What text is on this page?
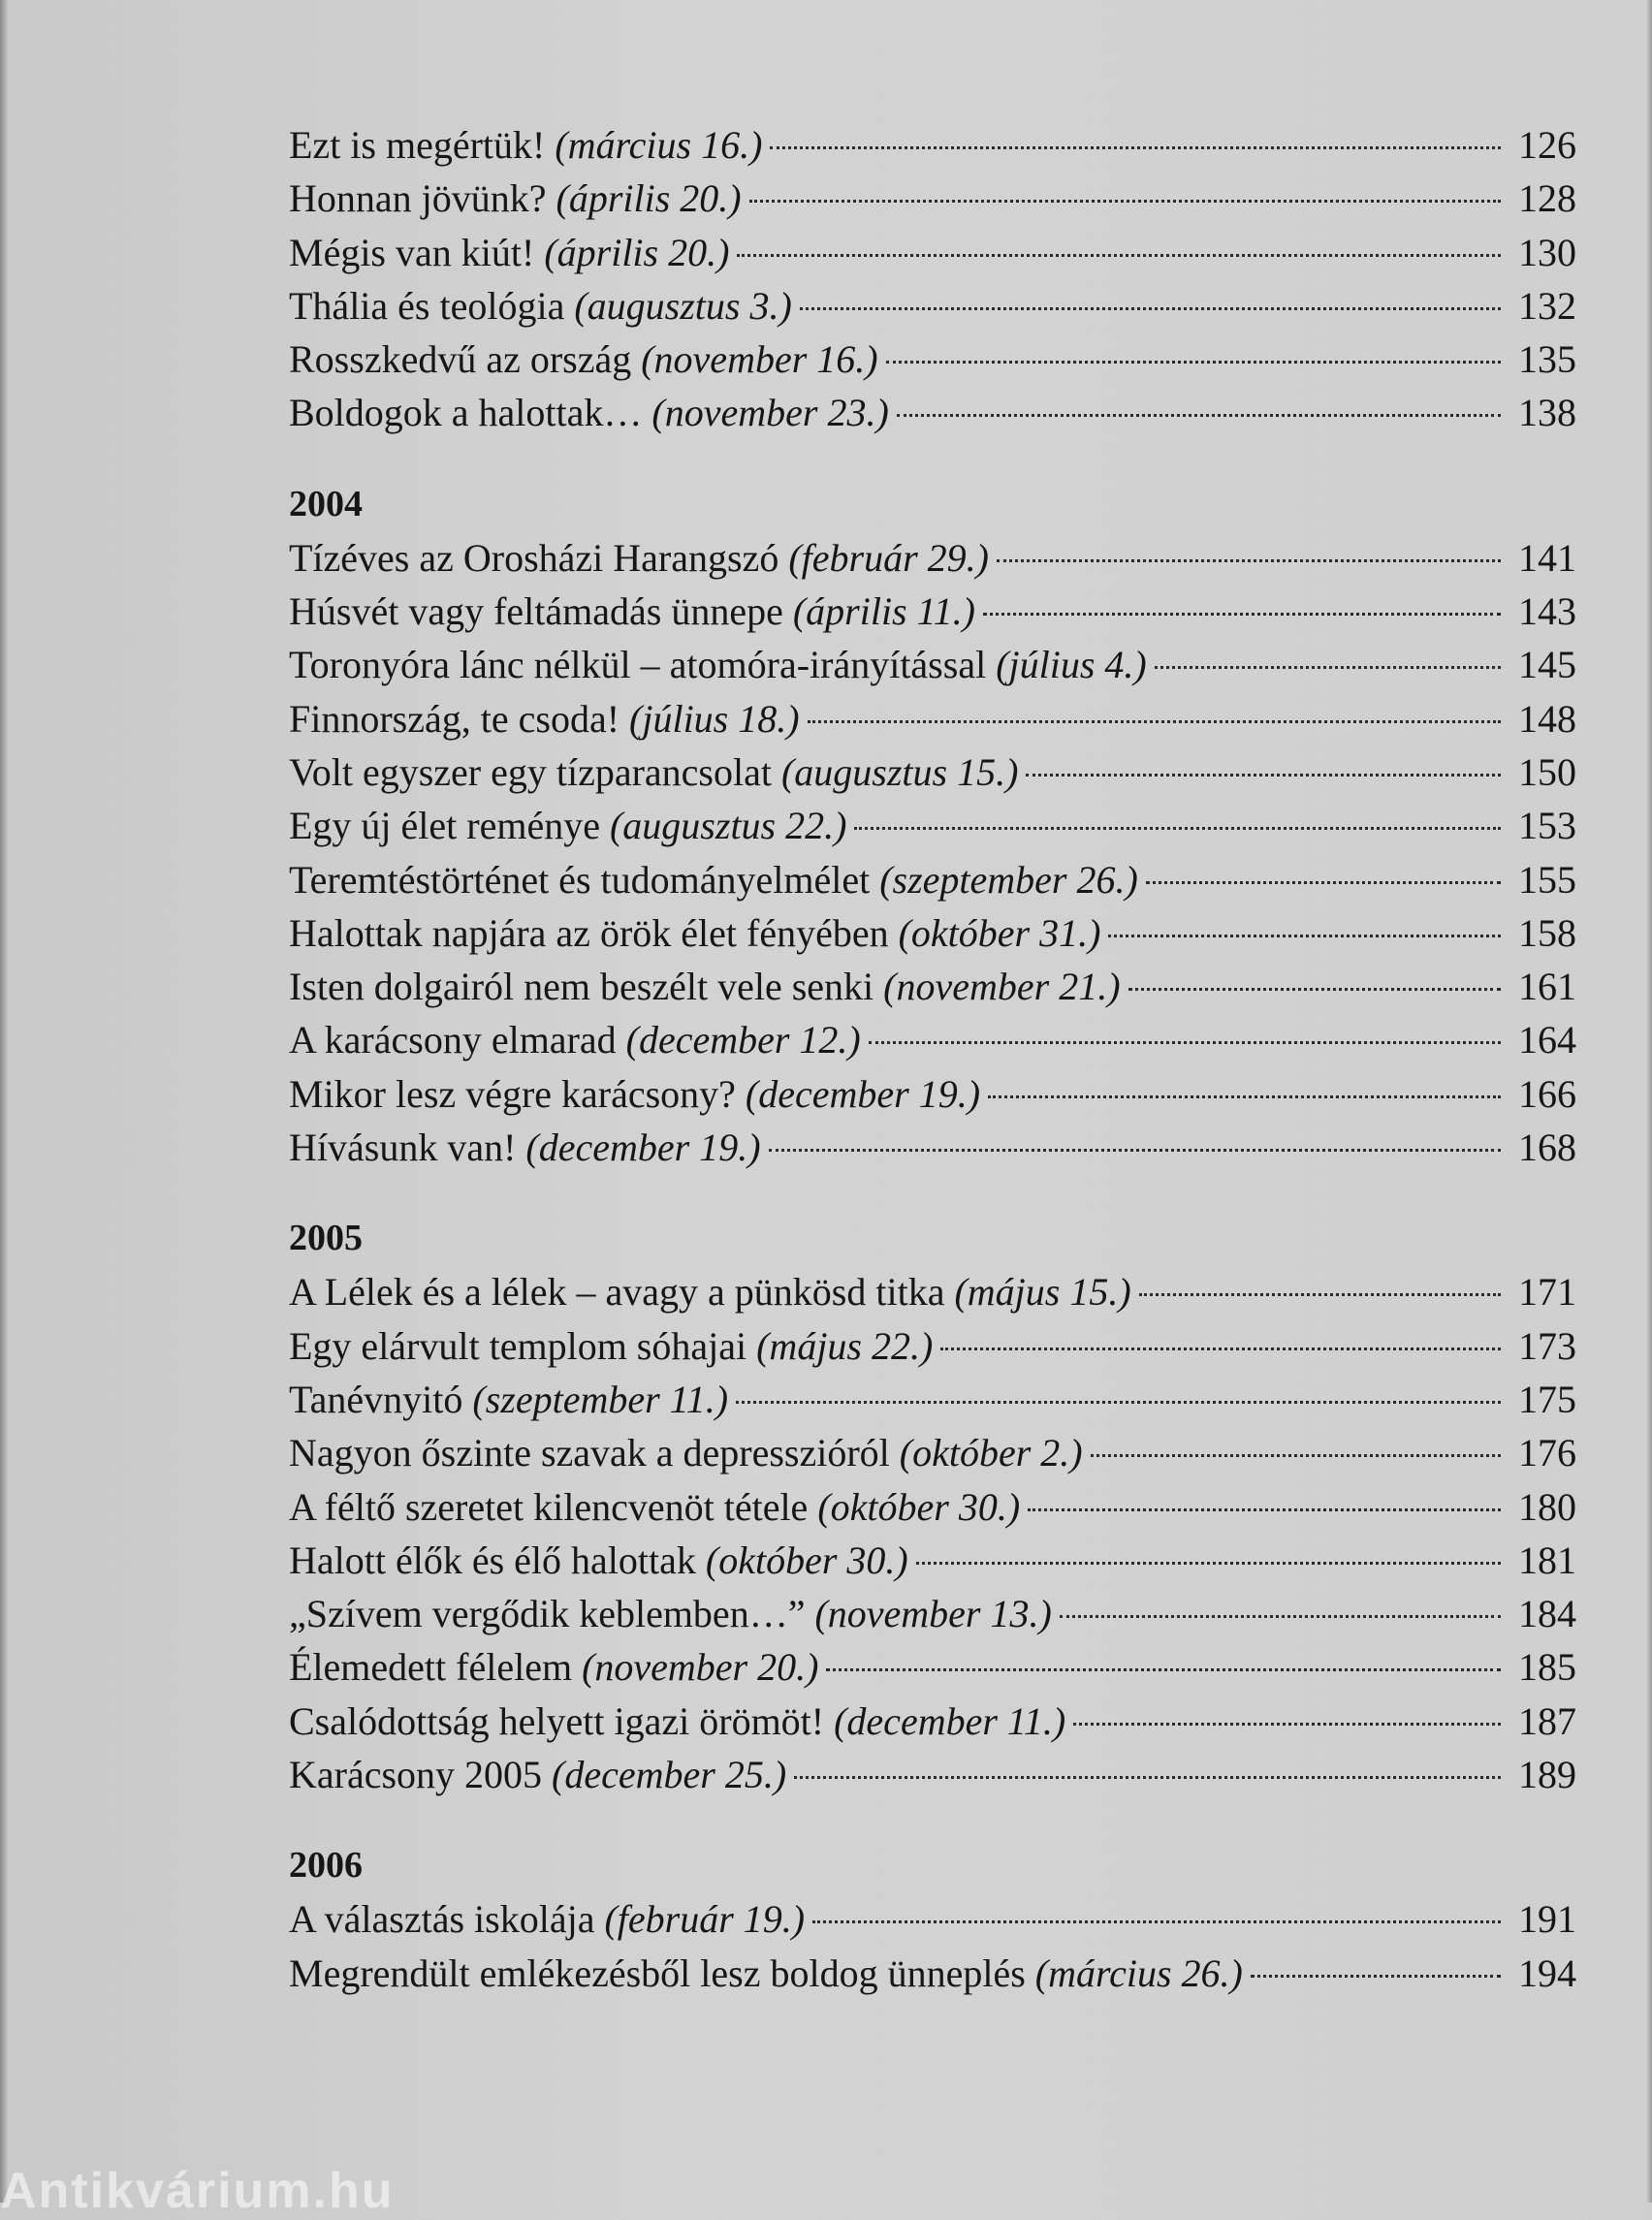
Ezt is megértük! (március 16.)	126
Honnan jövünk? (április 20.)	128
Mégis van kiút! (április 20.)	130
Thália és teológia (augusztus 3.)	132
Rosszkedvű az ország (november 16.)	135
Boldogok a halottak… (november 23.)	138
2004
Tízéves az Orosházi Harangszó (február 29.)	141
Húsvét vagy feltámadás ünnepe (április 11.)	143
Toronyóra lánc nélkül – atomóra-irányítással (július 4.)	145
Finnország, te csoda! (július 18.)	148
Volt egyszer egy tízparancsolat (augusztus 15.)	150
Egy új élet reménye (augusztus 22.)	153
Teremtéstörténet és tudományelmélet (szeptember 26.)	155
Halottak napjára az örök élet fényében (október 31.)	158
Isten dolgairól nem beszélt vele senki (november 21.)	161
A karácsony elmarad (december 12.)	164
Mikor lesz végre karácsony? (december 19.)	166
Hívásunk van! (december 19.)	168
2005
A Lélek és a lélek – avagy a pünkösd titka (május 15.)	171
Egy elárvult templom sóhajai (május 22.)	173
Tanévnyitó (szeptember 11.)	175
Nagyon őszinte szavak a depresszióról (október 2.)	176
A féltő szeretet kilencvenöt tétele (október 30.)	180
Halott élők és élő halottak (október 30.)	181
„Szívem vergődik keblemben…” (november 13.)	184
Élemedett félelem (november 20.)	185
Csalódottság helyett igazi örömöt! (december 11.)	187
Karácsony 2005 (december 25.)	189
2006
A választás iskolája (február 19.)	191
Megrendült emlékezésből lesz boldog ünneplés (március 26.)	194
Antikvárium.hu
